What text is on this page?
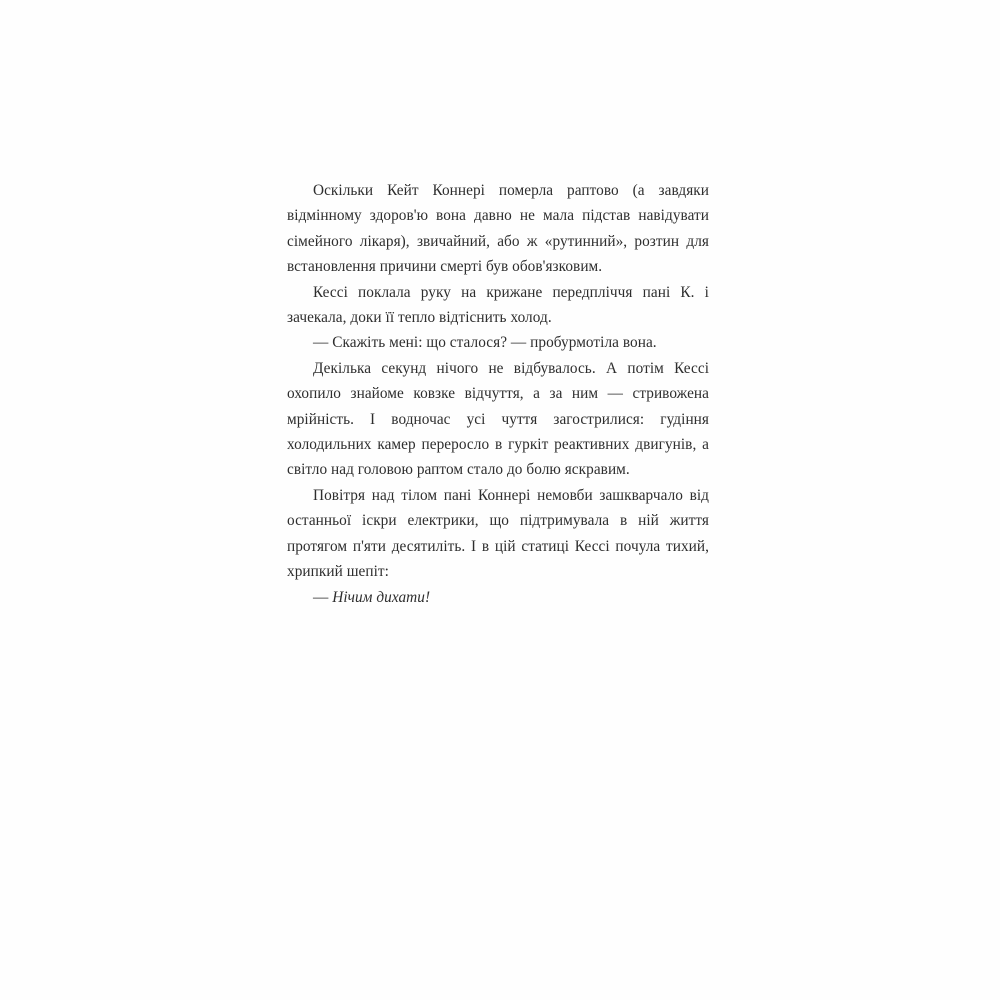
Оскільки Кейт Коннері померла раптово (а завдяки відмінному здоров'ю вона давно не мала підстав навідувати сімейного лікаря), звичайний, або ж «рутинний», розтин для встановлення причини смерті був обов'язковим.

Кессі поклала руку на крижане передпліччя пані К. і зачекала, доки її тепло відтіснить холод.

— Скажіть мені: що сталося? — пробурмотіла вона.

Декілька секунд нічого не відбувалось. А потім Кессі охопило знайоме ковзке відчуття, а за ним — стривожена мрійність. І водночас усі чуття загострилися: гудіння холодильних камер переросло в гуркіт реактивних двигунів, а світло над головою раптом стало до болю яскравим.

Повітря над тілом пані Коннері немовби зашкварчало від останньої іскри електрики, що підтримувала в ній життя протягом п'яти десятиліть. І в цій статиці Кессі почула тихий, хрипкий шепіт:

— Нічим дихати!
